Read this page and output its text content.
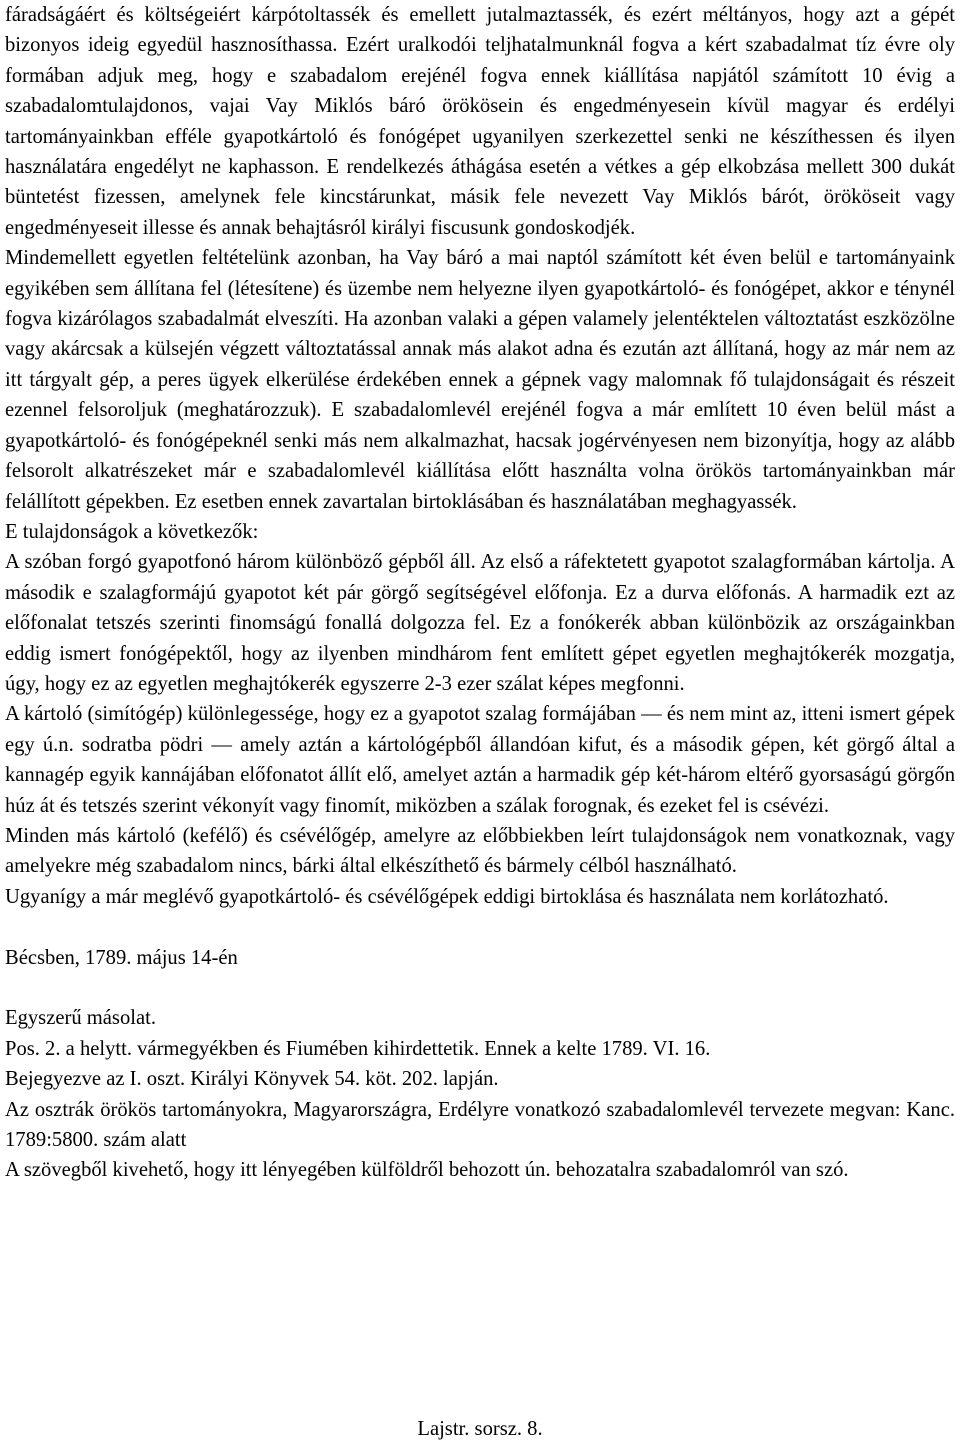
fáradságáért és költségeiért kárpótoltassék és emellett jutalmaztassék, és ezért méltányos, hogy azt a gépét bizonyos ideig egyedül hasznosíthassa. Ezért uralkodói teljhatalmunknál fogva a kért szabadalmat tíz évre oly formában adjuk meg, hogy e szabadalom erejénél fogva ennek kiállítása napjától számított 10 évig a szabadalomtulajdonos, vajai Vay Miklós báró örökösein és engedményesein kívül magyar és erdélyi tartományainkban efféle gyapotkártoló és fonógépet ugyanilyen szerkezettel senki ne készíthessen és ilyen használatára engedélyt ne kaphasson. E rendelkezés áthágása esetén a vétkes a gép elkobzása mellett 300 dukát büntetést fizessen, amelynek fele kincstárunkat, másik fele nevezett Vay Miklós bárót, örököseit vagy engedményeseit illesse és annak behajtásról királyi fiscusunk gondoskodjék.

Mindemellett egyetlen feltételünk azonban, ha Vay báró a mai naptól számított két éven belül e tartományaink egyikében sem állítana fel (létesítene) és üzembe nem helyezne ilyen gyapotkártoló- és fonógépet, akkor e ténynél fogva kizárólagos szabadalmát elveszíti. Ha azonban valaki a gépen valamely jelentéktelen változtatást eszközölne vagy akárcsak a külsején végzett változtatással annak más alakot adna és ezután azt állítaná, hogy az már nem az itt tárgyalt gép, a peres ügyek elkerülése érdekében ennek a gépnek vagy malomnak fő tulajdonságait és részeit ezennel felsoroljuk (meghatározzuk). E szabadalomlevél erejénél fogva a már említett 10 éven belül mást a gyapotkártoló- és fonógépeknél senki más nem alkalmazhat, hacsak jogérvényesen nem bizonyítja, hogy az alább felsorolt alkatrészeket már e szabadalomlevél kiállítása előtt használta volna örökös tartományainkban már felállított gépekben. Ez esetben ennek zavartalan birtoklásában és használatában meghagyassék.

E tulajdonságok a következők:

A szóban forgó gyapotfonó három különböző gépből áll. Az első a ráfektetett gyapotot szalagformában kártolja. A második e szalagformájú gyapotot két pár görgő segítségével előfonja. Ez a durva előfonás. A harmadik ezt az előfonalat tetszés szerinti finomságú fonallá dolgozza fel. Ez a fonókerék abban különbözik az országainkban eddig ismert fonógépektől, hogy az ilyenben mindhárom fent említett gépet egyetlen meghajtókerék mozgatja, úgy, hogy ez az egyetlen meghajtókerék egyszerre 2-3 ezer szálat képes megfonni.

A kártoló (simítógép) különlegessége, hogy ez a gyapotot szalag formájában — és nem mint az, itteni ismert gépek egy ú.n. sodratba pödri — amely aztán a kártológépből állandóan kifut, és a második gépen, két görgő által a kannagép egyik kannájában előfonatot állít elő, amelyet aztán a harmadik gép két-három eltérő gyorsaságú görgőn húz át és tetszés szerint vékonyít vagy finomít, miközben a szálak forognak, és ezeket fel is csévézi.

Minden más kártoló (kefélő) és csévélőgép, amelyre az előbbiekben leírt tulajdonságok nem vonatkoznak, vagy amelyekre még szabadalom nincs, bárki által elkészíthető és bármely célból használható.

Ugyanígy a már meglévő gyapotkártoló- és csévélőgépek eddigi birtoklása és használata nem korlátozható.

Bécsben, 1789. május 14-én

Egyszerű másolat.

Pos. 2. a helytt. vármegyékben és Fiumében kihirdettetik. Ennek a kelte 1789. VI. 16.

Bejegyezve az I. oszt. Királyi Könyvek 54. köt. 202. lapján.

Az osztrák örökös tartományokra, Magyarországra, Erdélyre vonatkozó szabadalomlevél tervezete megvan: Kanc. 1789:5800. szám alatt

A szövegből kivehető, hogy itt lényegében külföldről behozott ún. behozatalra szabadalomról van szó.

Lajstr. sorsz. 8.
